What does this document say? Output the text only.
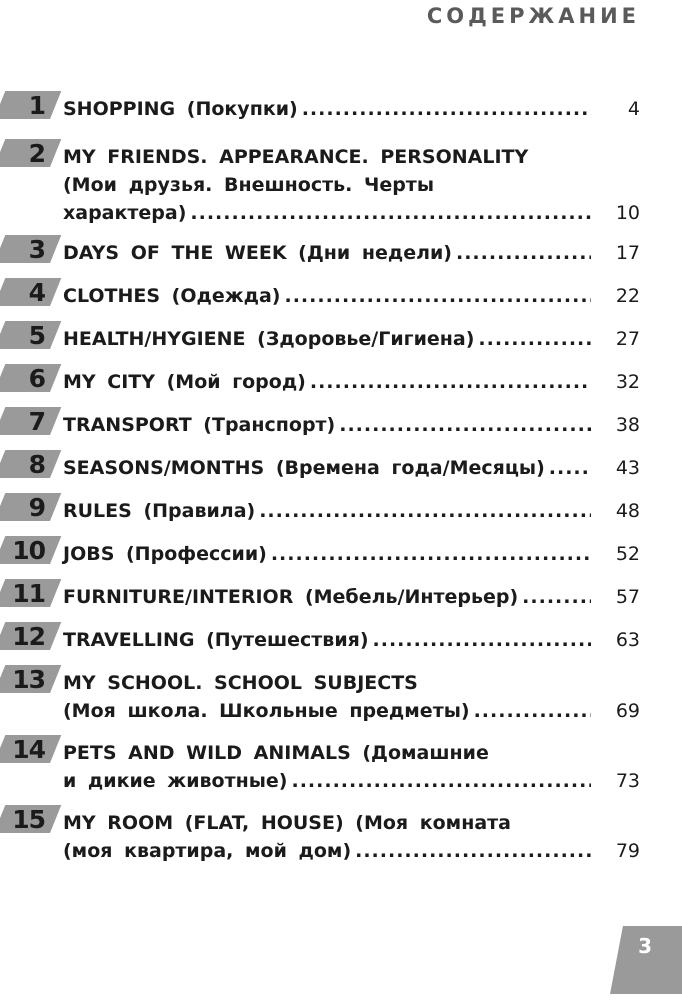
СОДЕРЖАНИЕ
1 SHOPPING (Покупки) .....	4
2 MY FRIENDS. APPEARANCE. PERSONALITY
(Мои друзья. Внешность. Черты
характера) .....	10
3 DAYS OF THE WEEK (Дни недели) .....	17
4 CLOTHES (Одежда) .....	22
5 HEALTH/HYGIENE (Здоровье/Гигиена) .....	27
6 MY CITY (Мой город) .....	32
7 TRANSPORT (Транспорт) .....	38
8 SEASONS/MONTHS (Времена года/Месяцы) .....	43
9 RULES (Правила) .....	48
10 JOBS (Профессии) .....	52
11 FURNITURE/INTERIOR (Мебель/Интерьер) .....	57
12 TRAVELLING (Путешествия) .....	63
13 MY SCHOOL. SCHOOL SUBJECTS
(Моя школа. Школьные предметы) .....	69
14 PETS AND WILD ANIMALS (Домашние
и дикие животные) .....	73
15 MY ROOM (FLAT, HOUSE) (Моя комната
(моя квартира, мой дом) .....	79
3
